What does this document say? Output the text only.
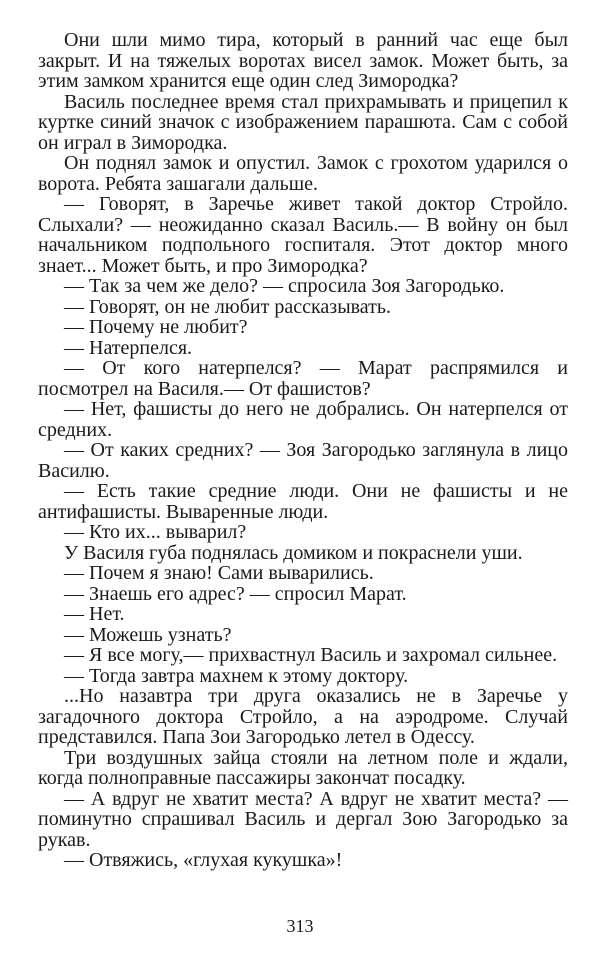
Они шли мимо тира, который в ранний час еще был закрыт. И на тяжелых воротах висел замок. Может быть, за этим замком хранится еще один след Зимородка?

Василь последнее время стал прихрамывать и прицепил к куртке синий значок с изображением парашюта. Сам с собой он играл в Зимородка.

Он поднял замок и опустил. Замок с грохотом ударился о ворота. Ребята зашагали дальше.

— Говорят, в Заречье живет такой доктор Стройло. Слыхали? — неожиданно сказал Василь.— В войну он был начальником подпольного госпиталя. Этот доктор много знает... Может быть, и про Зимородка?

— Так за чем же дело? — спросила Зоя Загородько.

— Говорят, он не любит рассказывать.

— Почему не любит?

— Натерпелся.

— От кого натерпелся? — Марат распрямился и посмотрел на Василя.— От фашистов?

— Нет, фашисты до него не добрались. Он натерпелся от средних.

— От каких средних? — Зоя Загородько заглянула в лицо Василю.

— Есть такие средние люди. Они не фашисты и не антифашисты. Вываренные люди.

— Кто их... выварил?

У Василя губа поднялась домиком и покраснели уши.

— Почем я знаю! Сами выварились.

— Знаешь его адрес? — спросил Марат.

— Нет.

— Можешь узнать?

— Я все могу,— прихвастнул Василь и захромал сильнее.

— Тогда завтра махнем к этому доктору.

...Но назавтра три друга оказались не в Заречье у загадочного доктора Стройло, а на аэродроме. Случай представился. Папа Зои Загородько летел в Одессу.

Три воздушных зайца стояли на летном поле и ждали, когда полноправные пассажиры закончат посадку.

— А вдруг не хватит места? А вдруг не хватит места? — поминутно спрашивал Василь и дергал Зою Загородько за рукав.

— Отвяжись, «глухая кукушка»!

313
